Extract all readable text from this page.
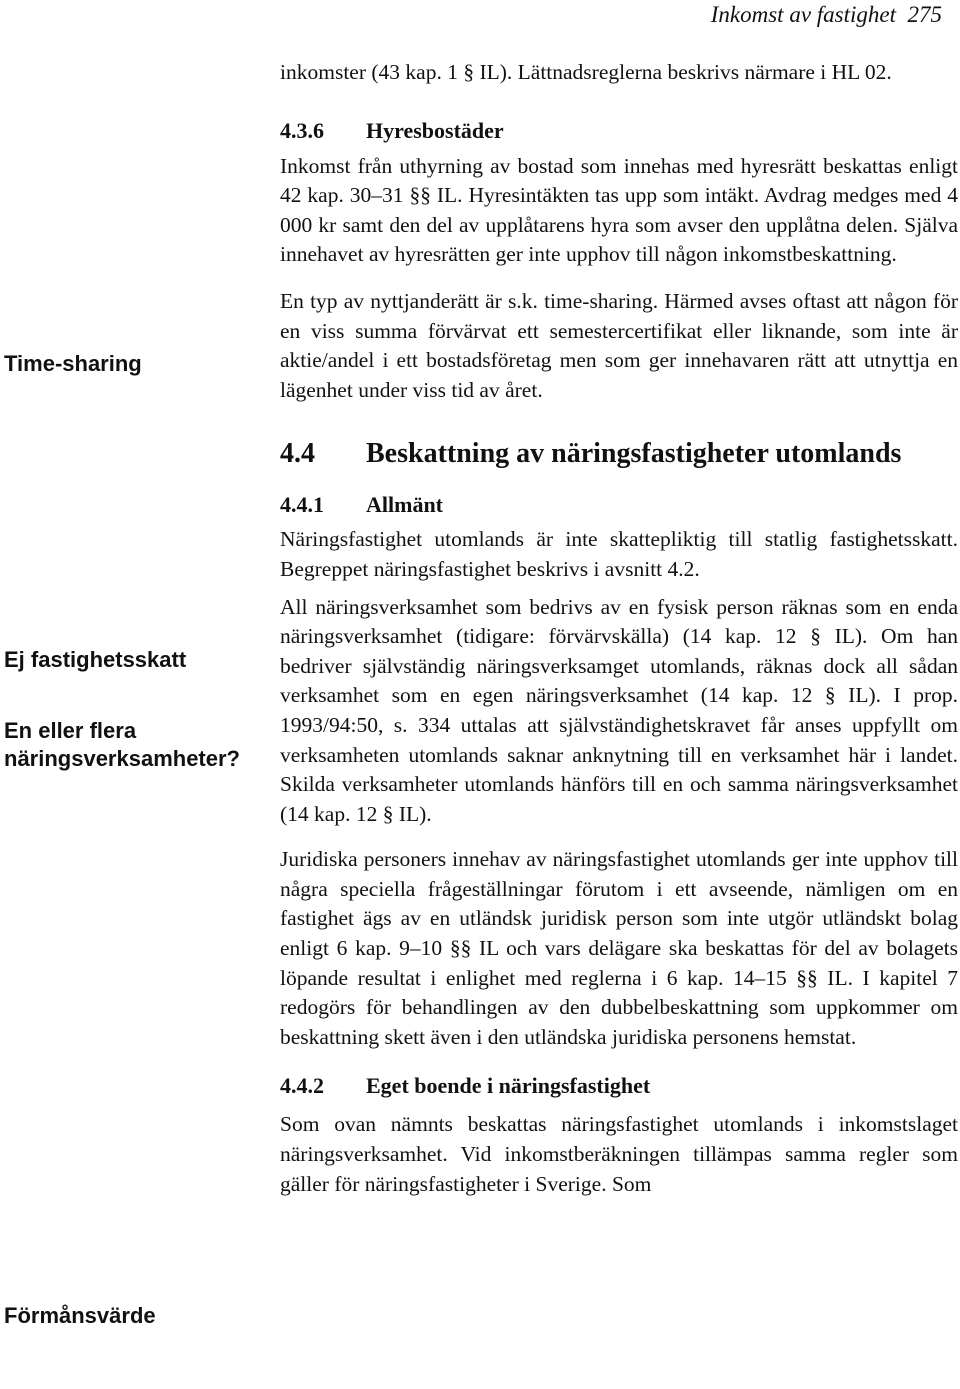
Inkomst av fastighet 275
Time-sharing
Ej fastighetsskatt
En eller flera näringsverksamheter?
Förmånsvärde

inkomster (43 kap. 1 § IL). Lättnadsreglerna beskrivs närmare i HL 02.

4.3.6 Hyresbostäder

Inkomst från uthyrning av bostad som innehas med hyresrätt beskattas enligt 42 kap. 30–31 §§ IL. Hyresintäkten tas upp som intäkt. Avdrag medges med 4 000 kr samt den del av upplåtarens hyra som avser den upplåtna delen. Själva innehavet av hyresrätten ger inte upphov till någon inkomstbeskattning.

En typ av nyttjanderätt är s.k. time-sharing. Härmed avses oftast att någon för en viss summa förvärvat ett semestercertifikat eller liknande, som inte är aktie/andel i ett bostadsföretag men som ger innehavaren rätt att utnyttja en lägenhet under viss tid av året.

4.4	Beskattning av näringsfastigheter utomlands
4.4.1 Allmänt

Näringsfastighet utomlands är inte skattepliktig till statlig fastighetsskatt. Begreppet näringsfastighet beskrivs i avsnitt 4.2.

All näringsverksamhet som bedrivs av en fysisk person räknas som en enda näringsverksamhet (tidigare: förvärvskälla) (14 kap. 12 § IL). Om han bedriver självständig näringsverksamget utomlands, räknas dock all sådan verksamhet som en egen näringsverksamhet (14 kap. 12 § IL). I prop. 1993/94:50, s. 334 uttalas att självständighetskravet får anses uppfyllt om verksamheten utomlands saknar anknytning till en verksamhet här i landet. Skilda verksamheter utomlands hänförs till en och samma näringsverksamhet (14 kap. 12 § IL).

Juridiska personers innehav av näringsfastighet utomlands ger inte upphov till några speciella frågeställningar förutom i ett avseende, nämligen om en fastighet ägs av en utländsk juridisk person som inte utgör utländskt bolag enligt 6 kap. 9–10 §§ IL och vars delägare ska beskattas för del av bolagets löpande resultat i enlighet med reglerna i 6 kap. 14–15 §§ IL. I kapitel 7 redogörs för behandlingen av den dubbelbeskattning som uppkommer om beskattning skett även i den utländska juridiska personens hemstat.

4.4.2 Eget boende i näringsfastighet

Som ovan nämnts beskattas näringsfastighet utomlands i inkomstslaget näringsverksamhet. Vid inkomstberäkningen tillämpas samma regler som gäller för näringsfastigheter i Sverige. Som
